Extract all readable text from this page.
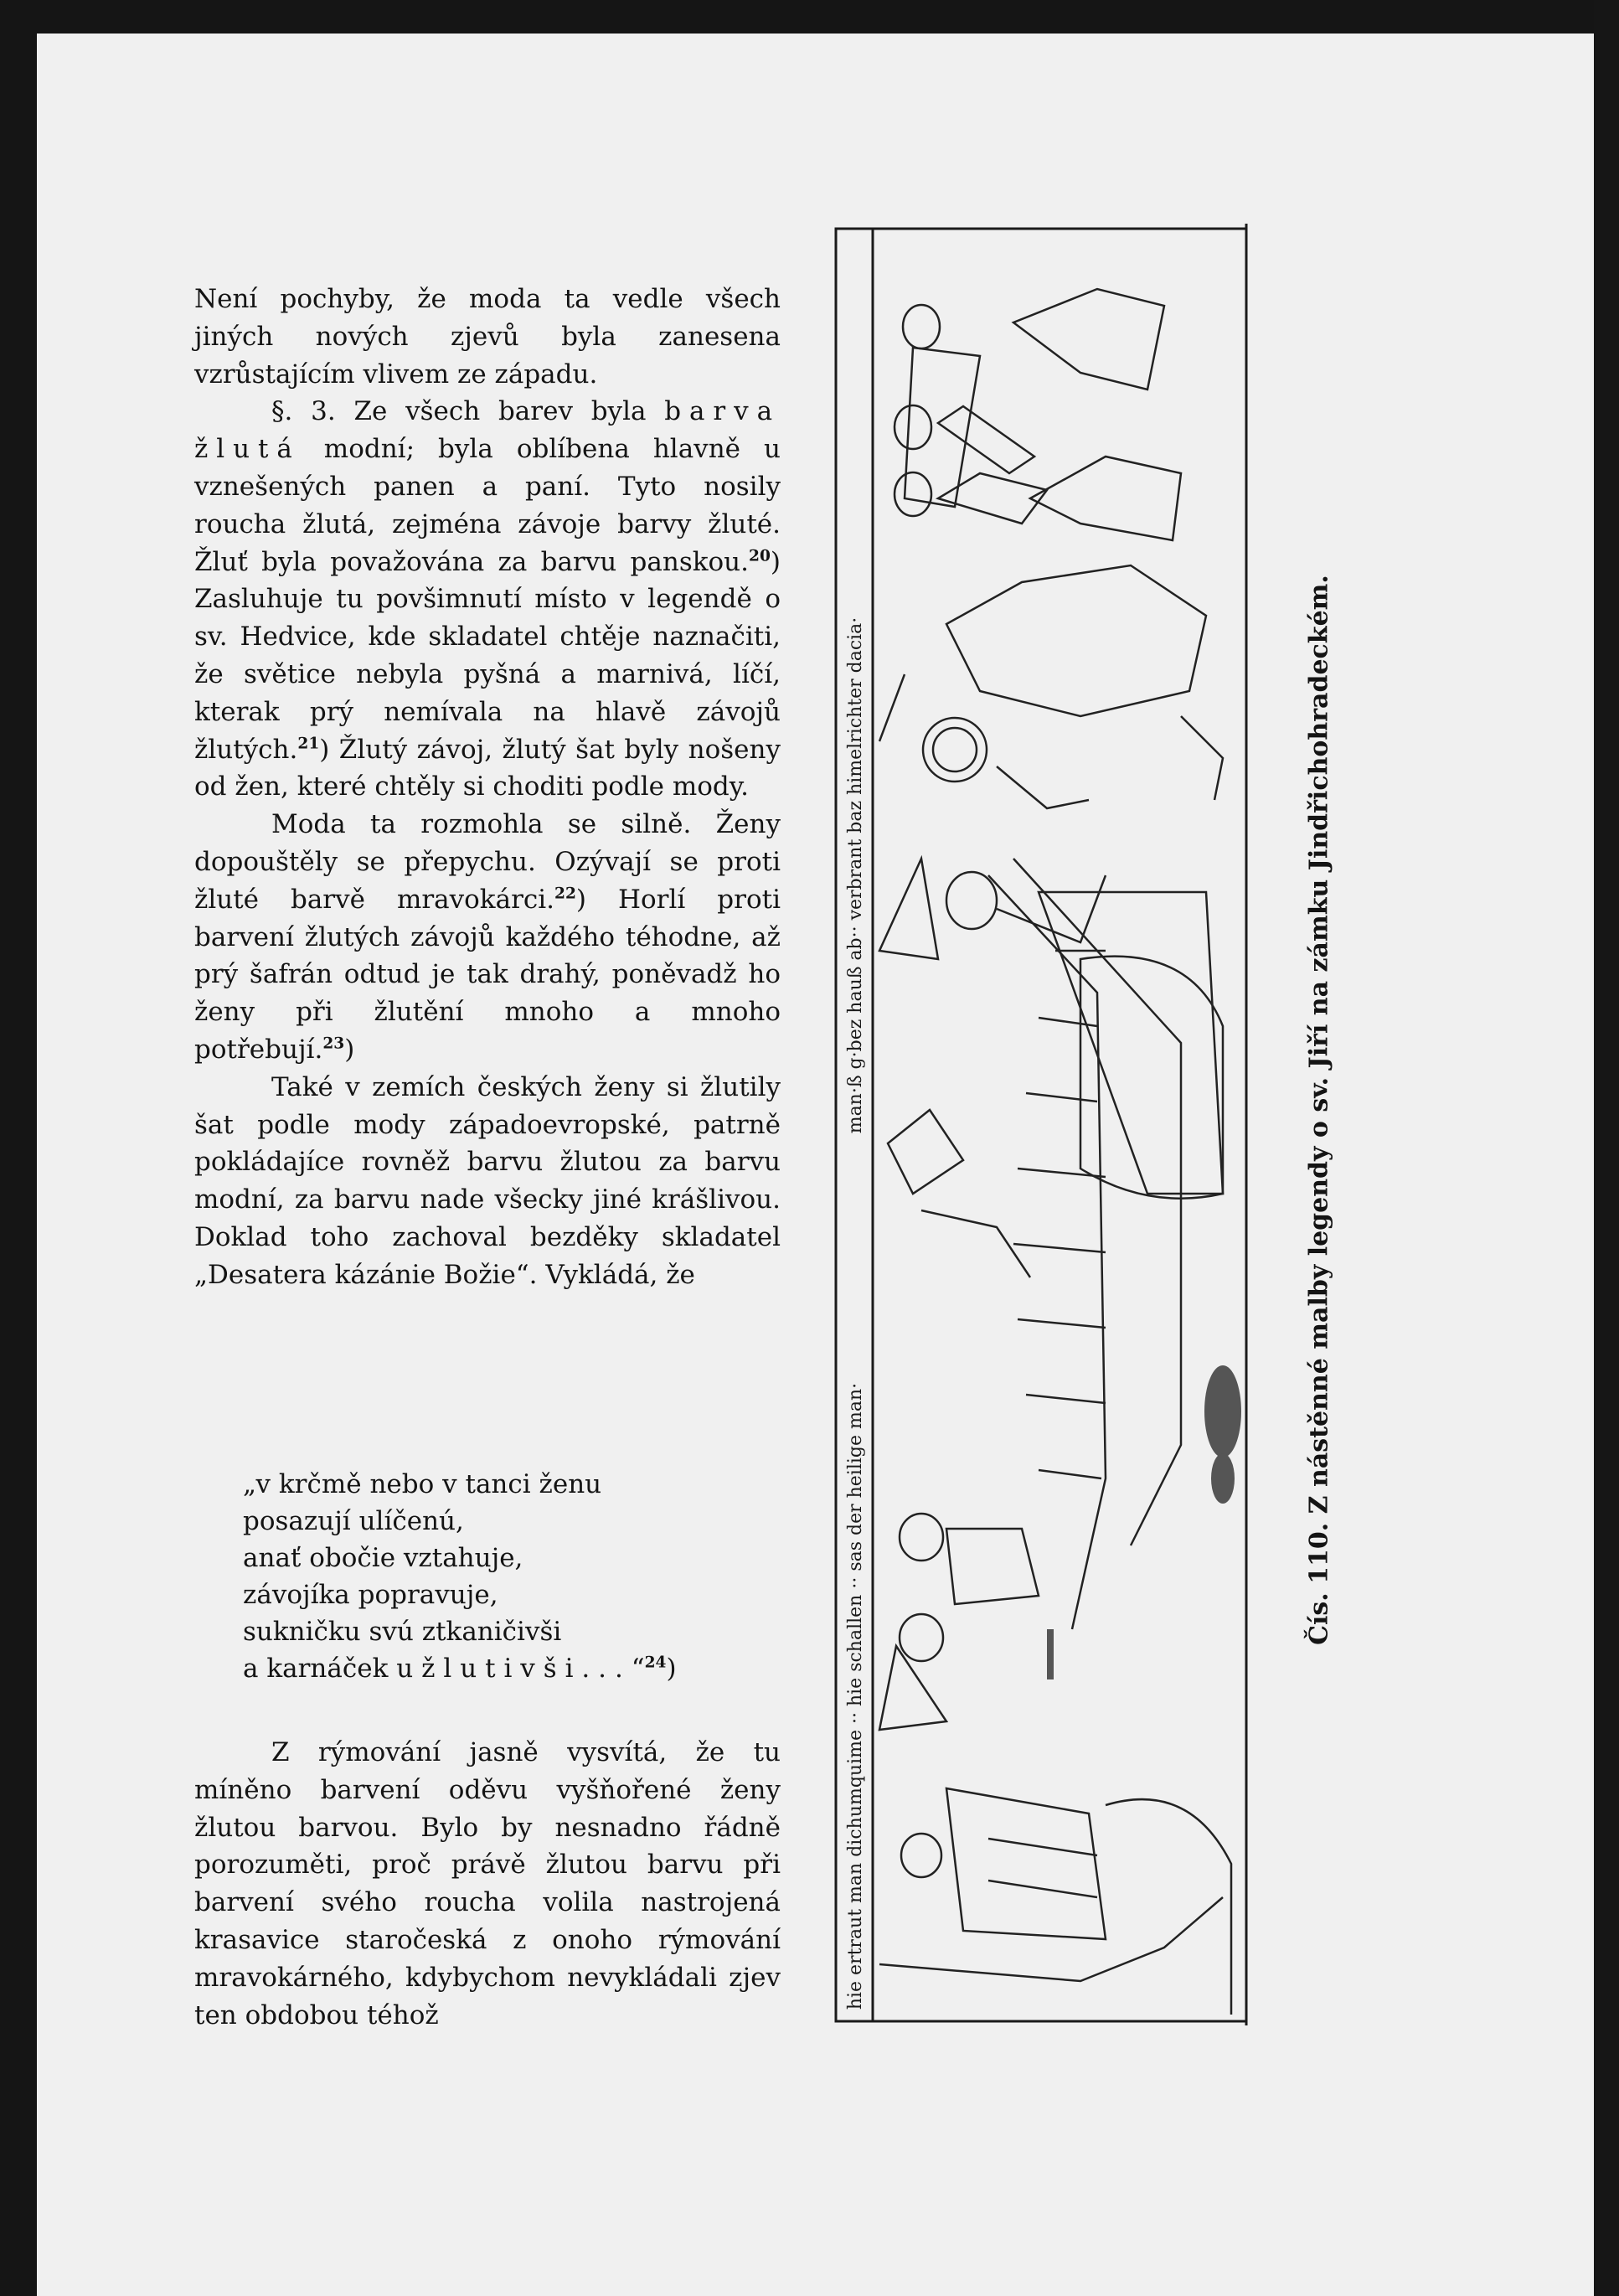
Není pochyby, že moda ta vedle všech jiných nových zjevů byla zanesena vzrůstajícím vlivem ze západu.

§. 3. Ze všech barev byla barva žlutá modní; byla oblíbena hlavně u vznešených panen a paní. Tyto nosily roucha žlutá, zejména závoje barvy žluté. Žluť byla považována za barvu panskou.$^{20}$) Zasluhuje tu povšimnutí místo v legendě o sv. Hedvice, kde skladatel chtěje naznačiti, že světice nebyla pyšná a marnivá, líčí, kterak prý nemívala na hlavě závojů žlutých.$^{21}$) Žlutý závoj, žlutý šat byly nošeny od žen, které chtěly si choditi podle mody.

Moda ta rozmohla se silně. Ženy dopouštěly se přepychu. Ozývají se proti žluté barvě mravokárci.$^{22}$) Horlí proti barvení žlutých závojů každého téhodne, až prý šafrán odtud je tak drahý, poněvadž ho ženy při žlutění mnoho a mnoho potřebují.$^{23}$)

Také v zemích českých ženy si žlutily šat podle mody západoevropské, patrně pokládajíce rovněž barvu žlutou za barvu modní, za barvu nade všecky jiné krášlivou. Doklad toho zachoval bezděky skladatel „Desatera kázánie Božie“. Vykládá, že

„v krčmě nebo v tanci ženu
posazují ulíčenú,
anať obočie vztahuje,
závojíka popravuje,
sukničku svú ztkaničivši
a karnáček užlutivši...“$^{24}$)

Z rýmování jasně vysvítá, že tu míněno barvení oděvu vyšňořené ženy žlutou barvou. Bylo by nesnadno řádně porozuměti, proč právě žlutou barvu při barvení svého roucha volila nastrojená krasavice staročeská z onoho rýmování mravokárného, kdybychom nevykládali zjev ten obdobou téhož

man·ß g·bez hauß ab·· verbrant baz himelrichter dacia·
hie ertraut man dichumquime ·· hie schallen ·· sas der heilige man·
Čís. 110. Z nástěnné malby legendy o sv. Jiří na zámku Jindřichohradeckém.
